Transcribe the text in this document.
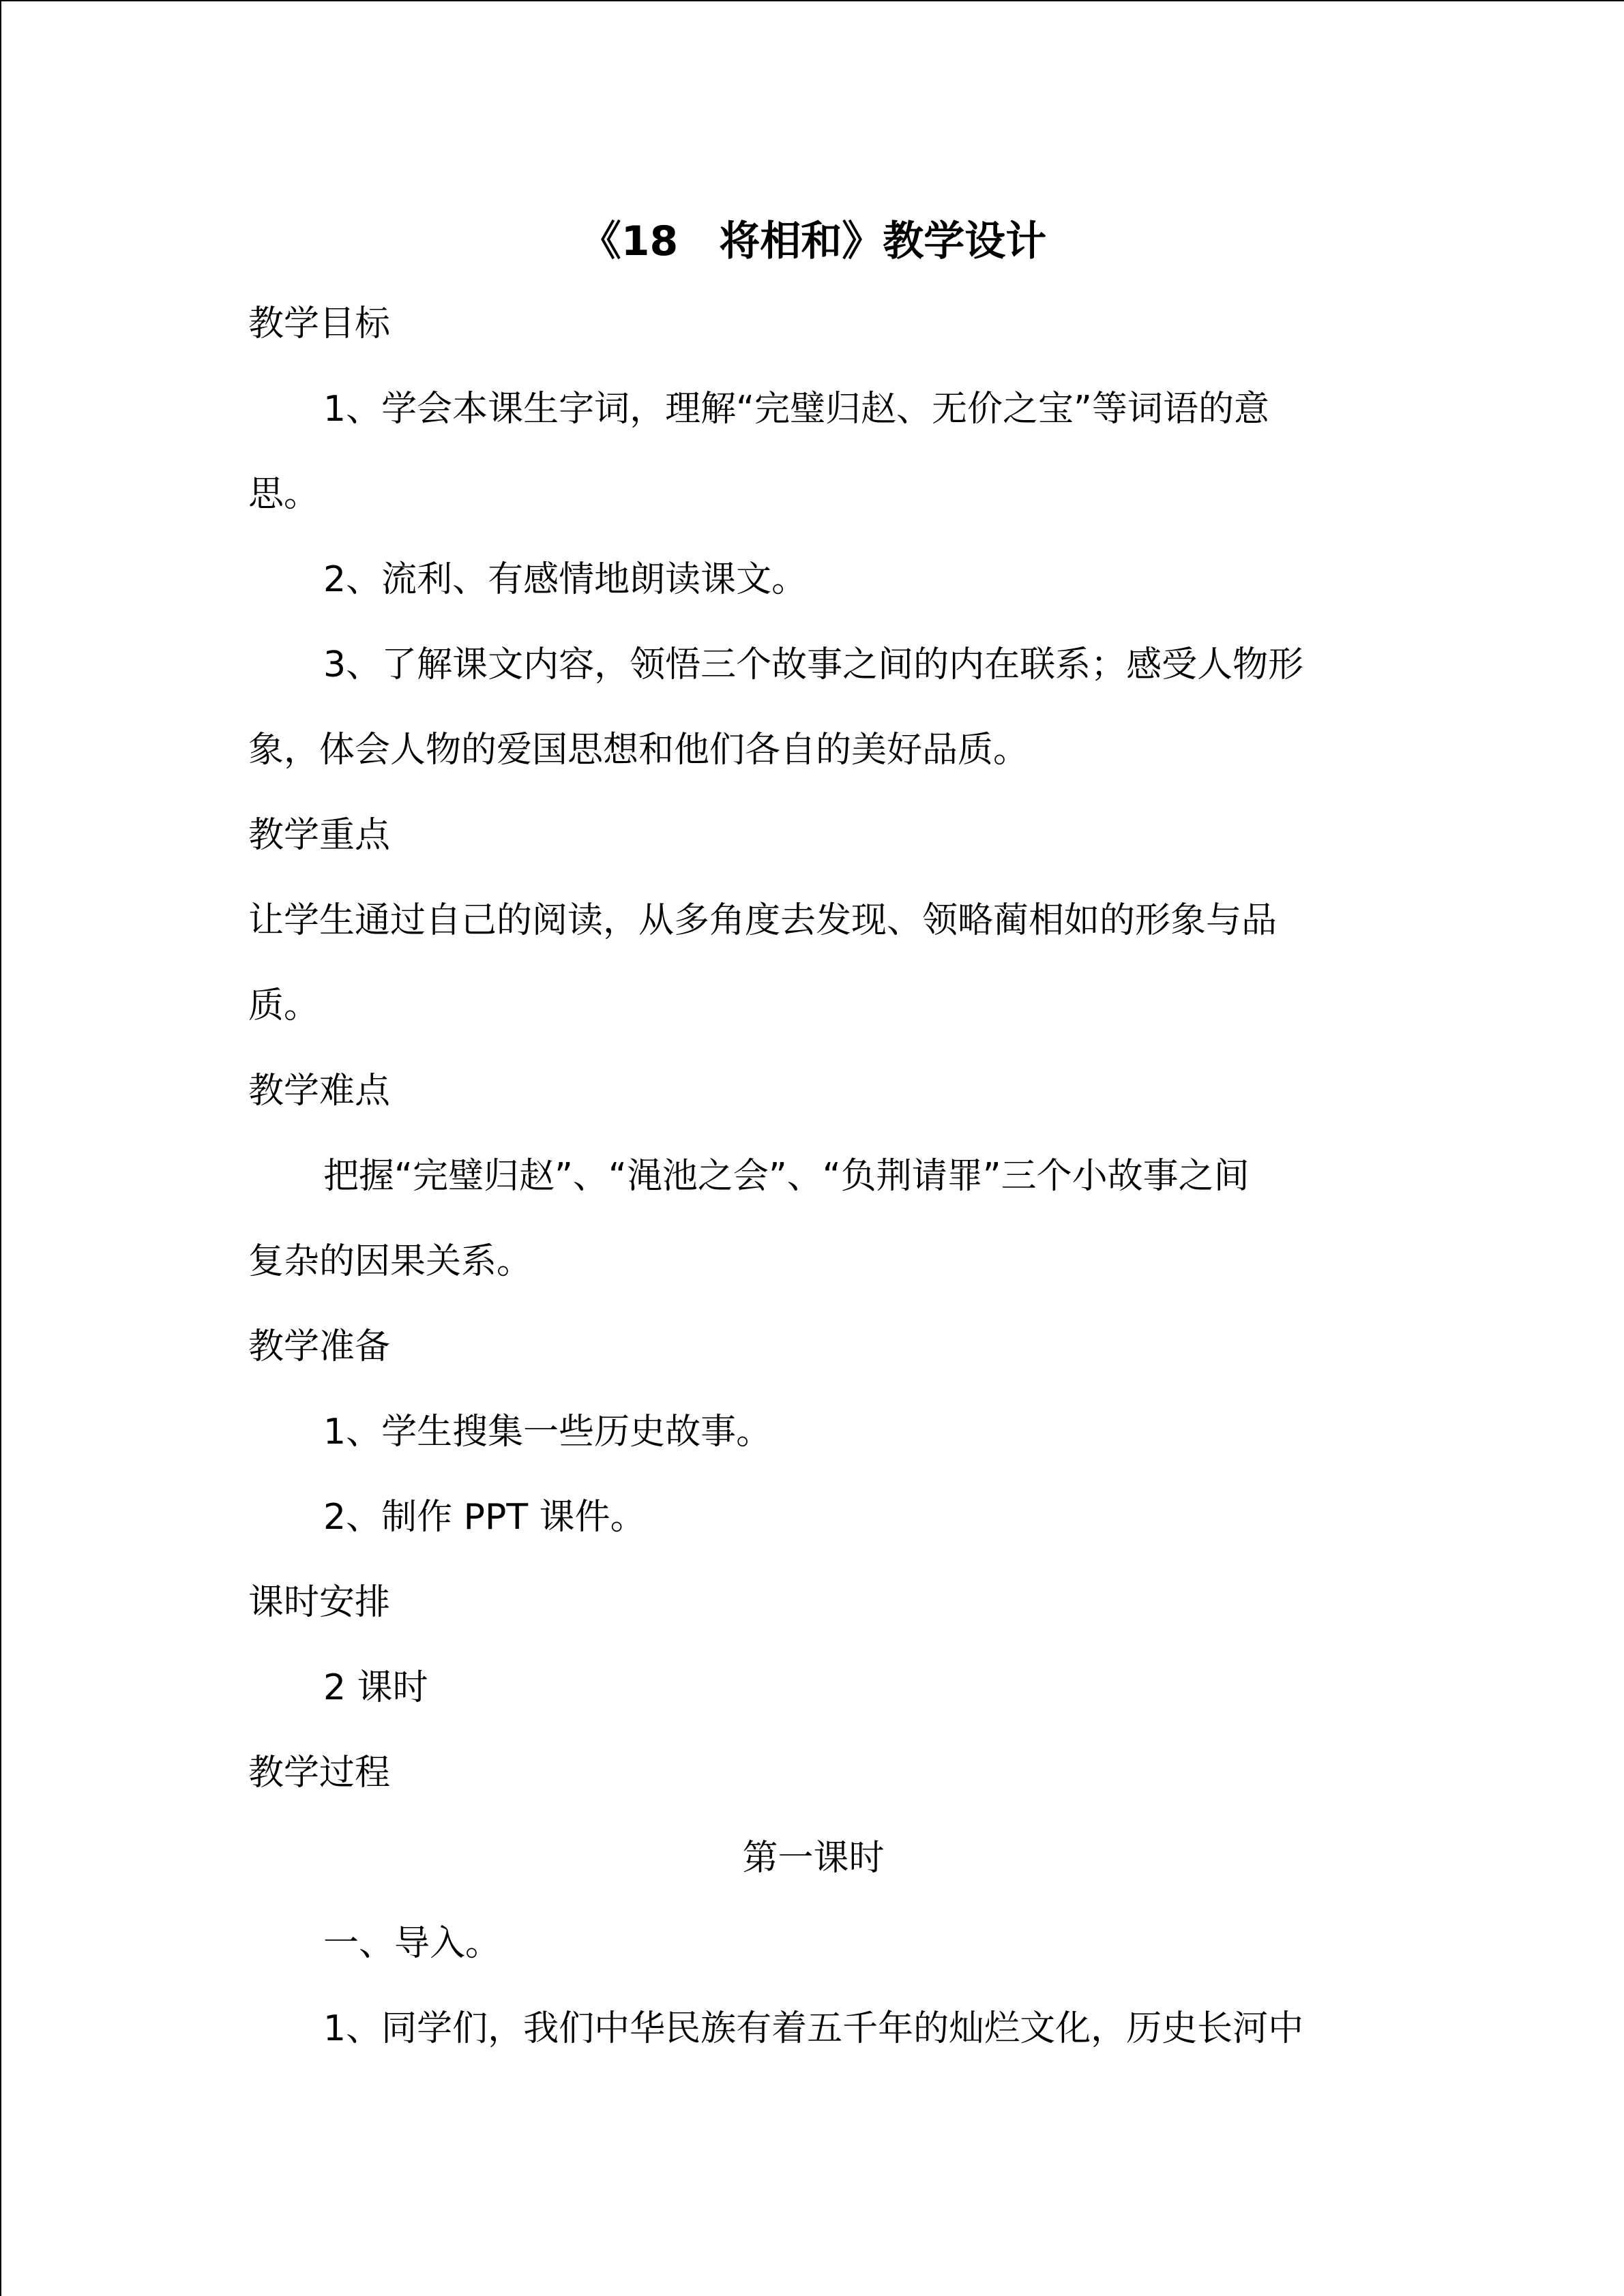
《18　将相和》教学设计
教学目标
1、学会本课生字词，理解“完璧归赵、无价之宝”等词语的意
思。
2、流利、有感情地朗读课文。
3、了解课文内容，领悟三个故事之间的内在联系；感受人物形
象，体会人物的爱国思想和他们各自的美好品质。
教学重点
让学生通过自己的阅读，从多角度去发现、领略蔺相如的形象与品
质。
教学难点
把握“完璧归赵”、“渑池之会”、“负荆请罪”三个小故事之间
复杂的因果关系。
教学准备
1、学生搜集一些历史故事。
2、制作 PPT 课件。
课时安排
2 课时
教学过程
第一课时
一、导入。
1、同学们，我们中华民族有着五千年的灿烂文化，历史长河中
